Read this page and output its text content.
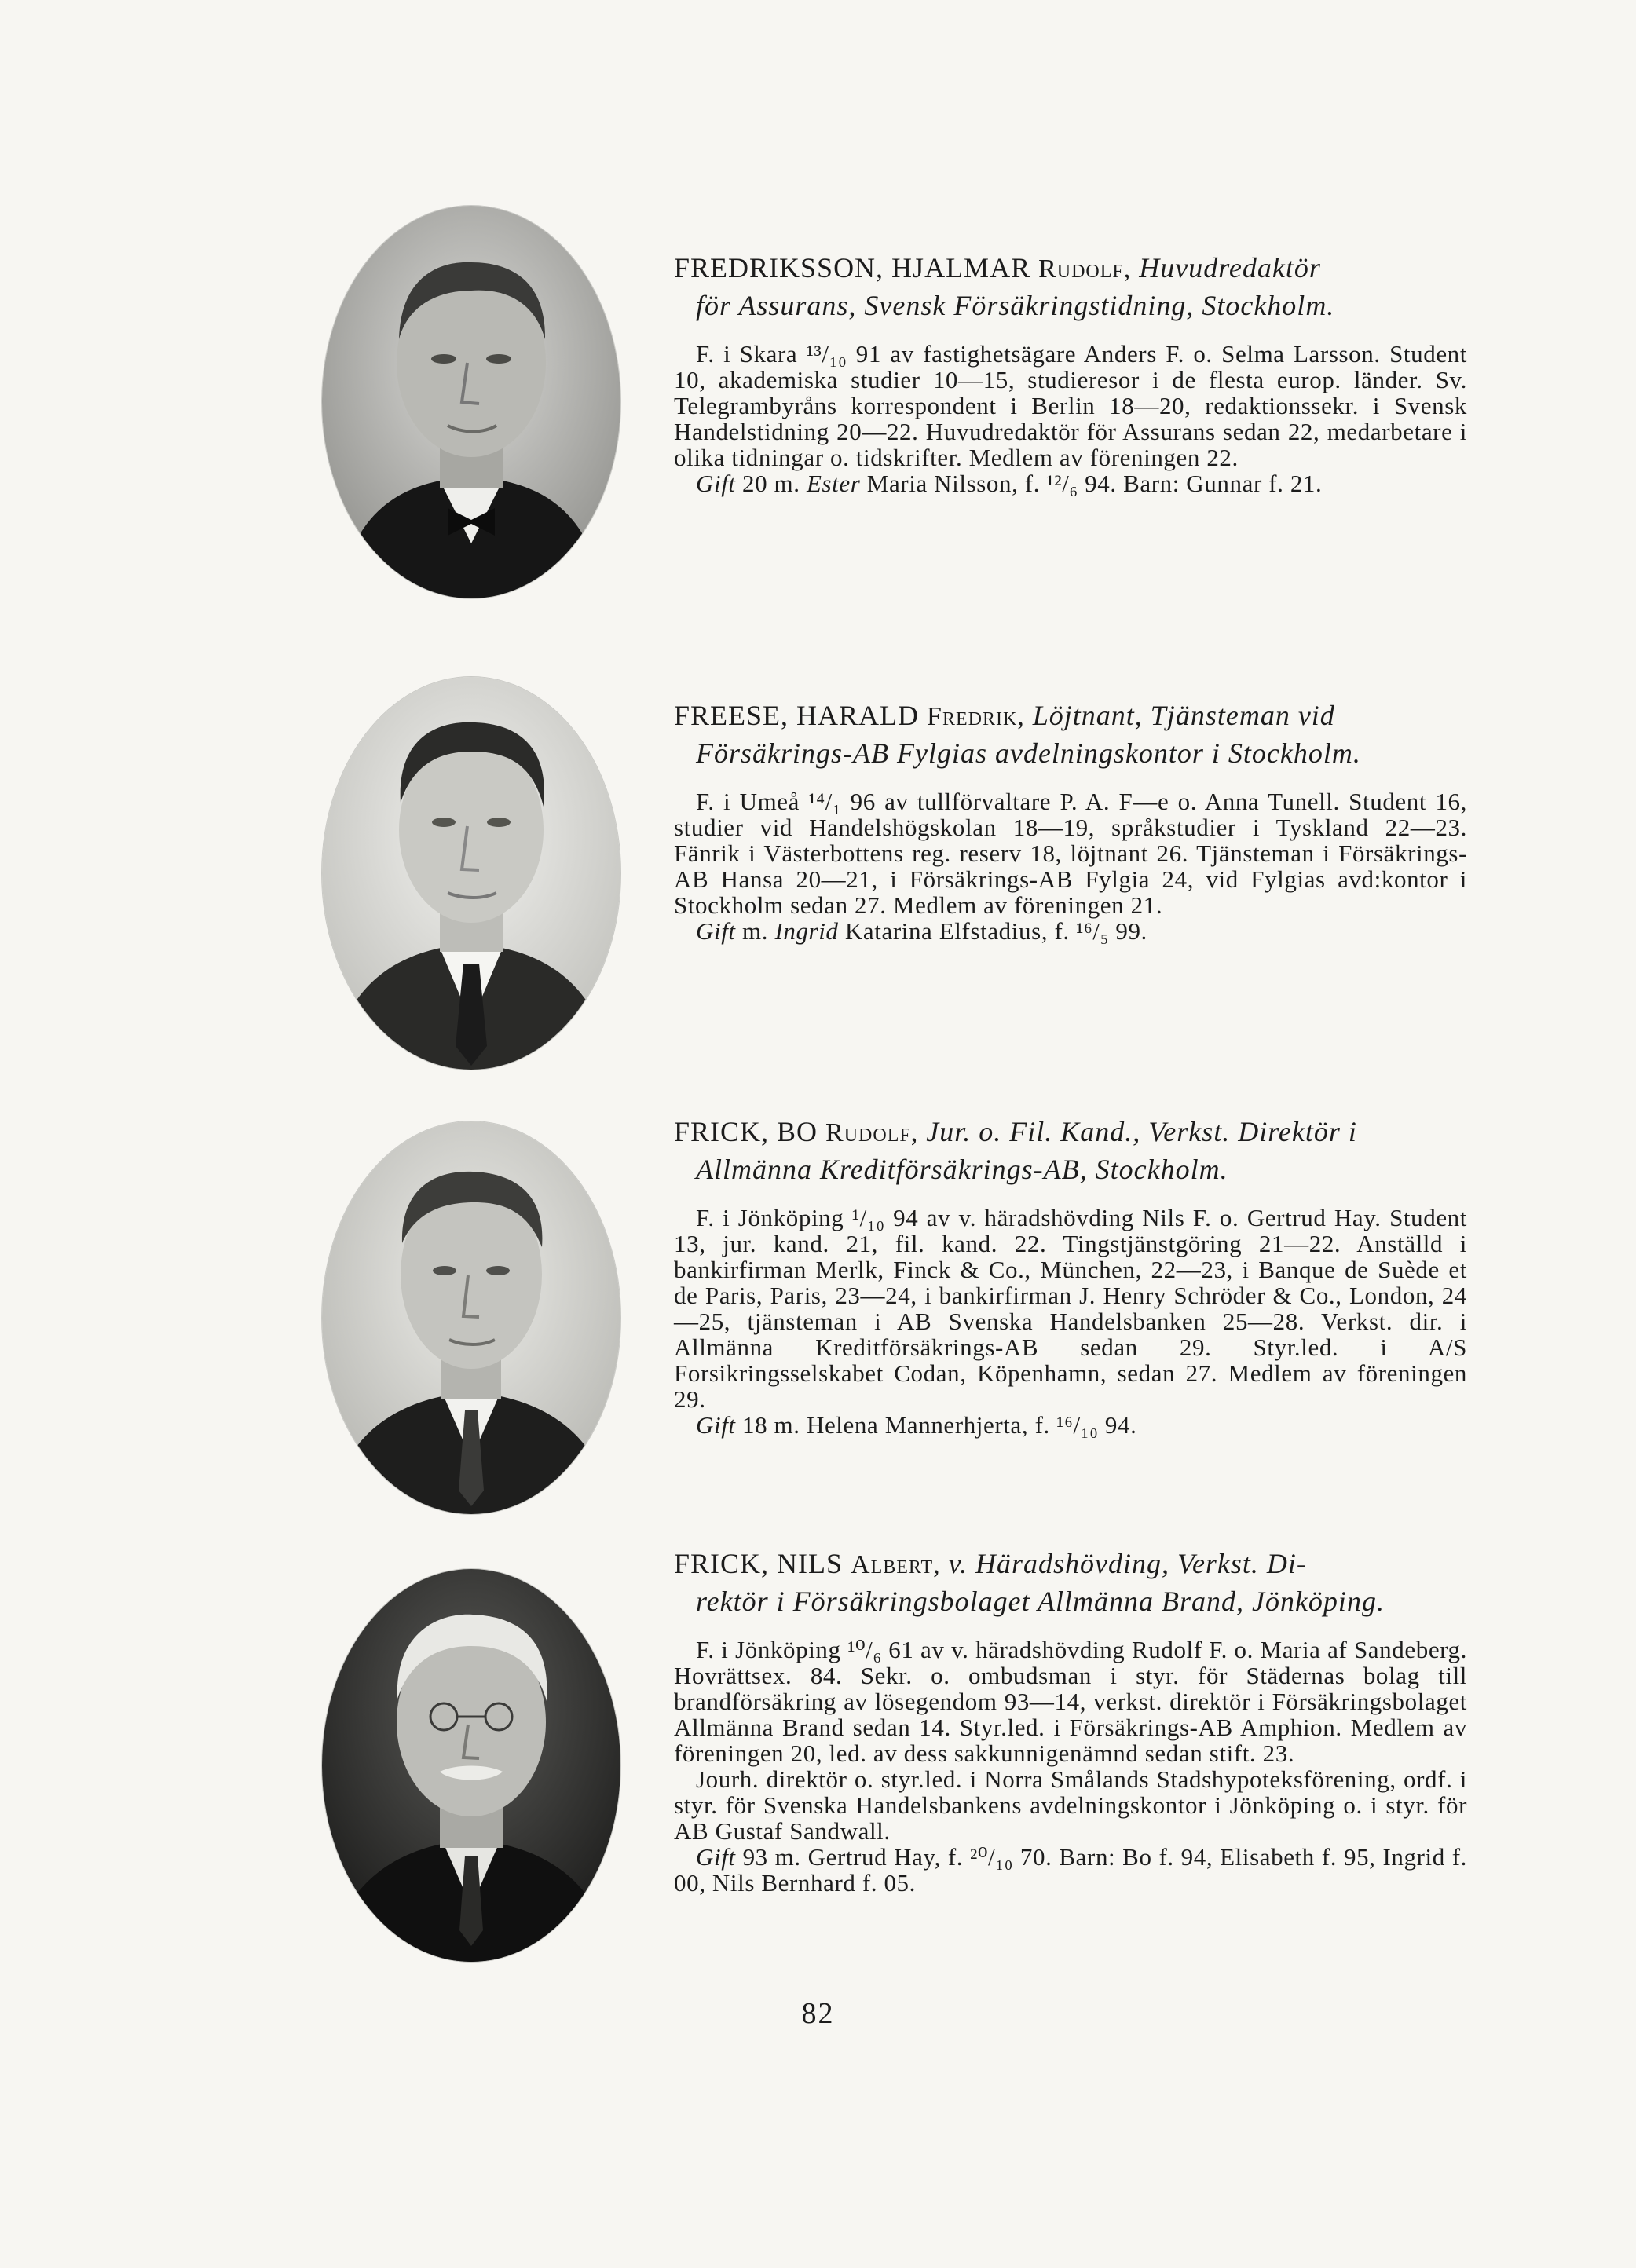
FREDRIKSSON, HJALMAR Rudolf, Huvudredaktör
för Assurans, Svensk Försäkringstidning, Stockholm.

F. i Skara ¹³/₁₀ 91 av fastighetsägare Anders F. o. Selma Larsson. Student 10, akademiska studier 10—15, studieresor i de flesta europ. länder. Sv. Telegrambyråns korrespondent i Berlin 18—20, redaktionssekr. i Svensk Handelstidning 20—22. Huvudredaktör för Assurans sedan 22, medarbetare i olika tidningar o. tidskrifter. Medlem av föreningen 22.

Gift 20 m. Ester Maria Nilsson, f. ¹²/₆ 94. Barn: Gunnar f. 21.

FREESE, HARALD Fredrik, Löjtnant, Tjänsteman vid
Försäkrings-AB Fylgias avdelningskontor i Stockholm.

F. i Umeå ¹⁴/₁ 96 av tullförvaltare P. A. F—e o. Anna Tunell. Student 16, studier vid Handelshögskolan 18—19, språkstudier i Tyskland 22—23. Fänrik i Västerbottens reg. reserv 18, löjtnant 26. Tjänsteman i Försäkrings-AB Hansa 20—21, i Försäkrings-AB Fylgia 24, vid Fylgias avd:kontor i Stockholm sedan 27. Medlem av föreningen 21.

Gift m. Ingrid Katarina Elfstadius, f. ¹⁶/₅ 99.

FRICK, BO Rudolf, Jur. o. Fil. Kand., Verkst. Direktör i
Allmänna Kreditförsäkrings-AB, Stockholm.

F. i Jönköping ¹/₁₀ 94 av v. häradshövding Nils F. o. Gertrud Hay. Student 13, jur. kand. 21, fil. kand. 22. Tingstjänstgöring 21—22. Anställd i bankirfirman Merlk, Finck & Co., München, 22—23, i Banque de Suède et de Paris, Paris, 23—24, i bankirfirman J. Henry Schröder & Co., London, 24—25, tjänsteman i AB Svenska Handelsbanken 25—28. Verkst. dir. i Allmänna Kreditförsäkrings-AB sedan 29. Styr.led. i A/S Forsikringsselskabet Codan, Köpenhamn, sedan 27. Medlem av föreningen 29.

Gift 18 m. Helena Mannerhjerta, f. ¹⁶/₁₀ 94.

FRICK, NILS Albert, v. Häradshövding, Verkst. Di-
rektör i Försäkringsbolaget Allmänna Brand, Jönköping.

F. i Jönköping ¹⁰/₆ 61 av v. häradshövding Rudolf F. o. Maria af Sandeberg. Hovrättsex. 84. Sekr. o. ombudsman i styr. för Städernas bolag till brandförsäkring av lösegendom 93—14, verkst. direktör i Försäkringsbolaget Allmänna Brand sedan 14. Styr.led. i Försäkrings-AB Amphion. Medlem av föreningen 20, led. av dess sakkunnigenämnd sedan stift. 23.

Jourh. direktör o. styr.led. i Norra Smålands Stadshypoteksförening, ordf. i styr. för Svenska Handelsbankens avdelningskontor i Jönköping o. i styr. för AB Gustaf Sandwall.

Gift 93 m. Gertrud Hay, f. ²⁰/₁₀ 70. Barn: Bo f. 94, Elisabeth f. 95, Ingrid f. 00, Nils Bernhard f. 05.

82
